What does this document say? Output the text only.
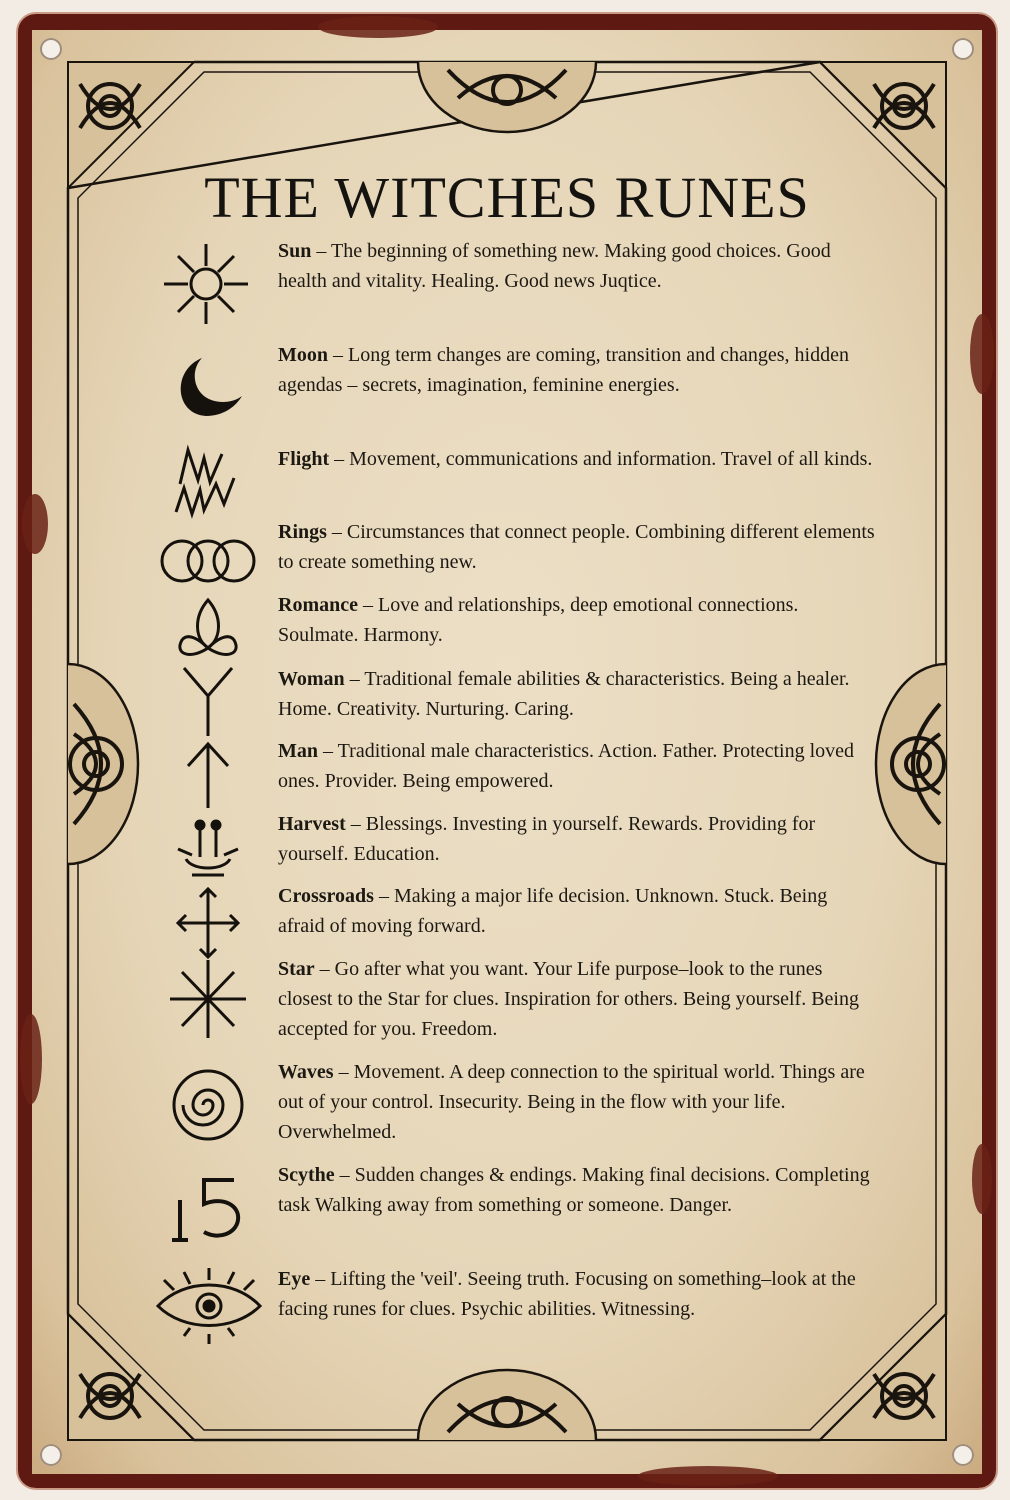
THE WITCHES RUNES
Sun – The beginning of something new. Making good choices. Good health and vitality. Healing. Good news Juqtice.
Moon – Long term changes are coming, transition and changes, hidden agendas – secrets, imagination, feminine energies.
Flight – Movement, communications and information. Travel of all kinds.
Rings – Circumstances that connect people. Combining different elements to create something new.
Romance – Love and relationships, deep emotional connections. Soulmate. Harmony.
Woman – Traditional female abilities & characteristics. Being a healer. Home. Creativity. Nurturing. Caring.
Man – Traditional male characteristics. Action. Father. Protecting loved ones. Provider. Being empowered.
Harvest – Blessings. Investing in yourself. Rewards. Providing for yourself. Education.
Crossroads – Making a major life decision. Unknown. Stuck. Being afraid of moving forward.
Star – Go after what you want. Your Life purpose–look to the runes closest to the Star for clues. Inspiration for others. Being yourself. Being accepted for you. Freedom.
Waves – Movement. A deep connection to the spiritual world. Things are out of your control. Insecurity. Being in the flow with your life. Overwhelmed.
Scythe – Sudden changes & endings. Making final decisions. Completing task Walking away from something or someone. Danger.
Eye – Lifting the 'veil'. Seeing truth. Focusing on something–look at the facing runes for clues. Psychic abilities. Witnessing.
